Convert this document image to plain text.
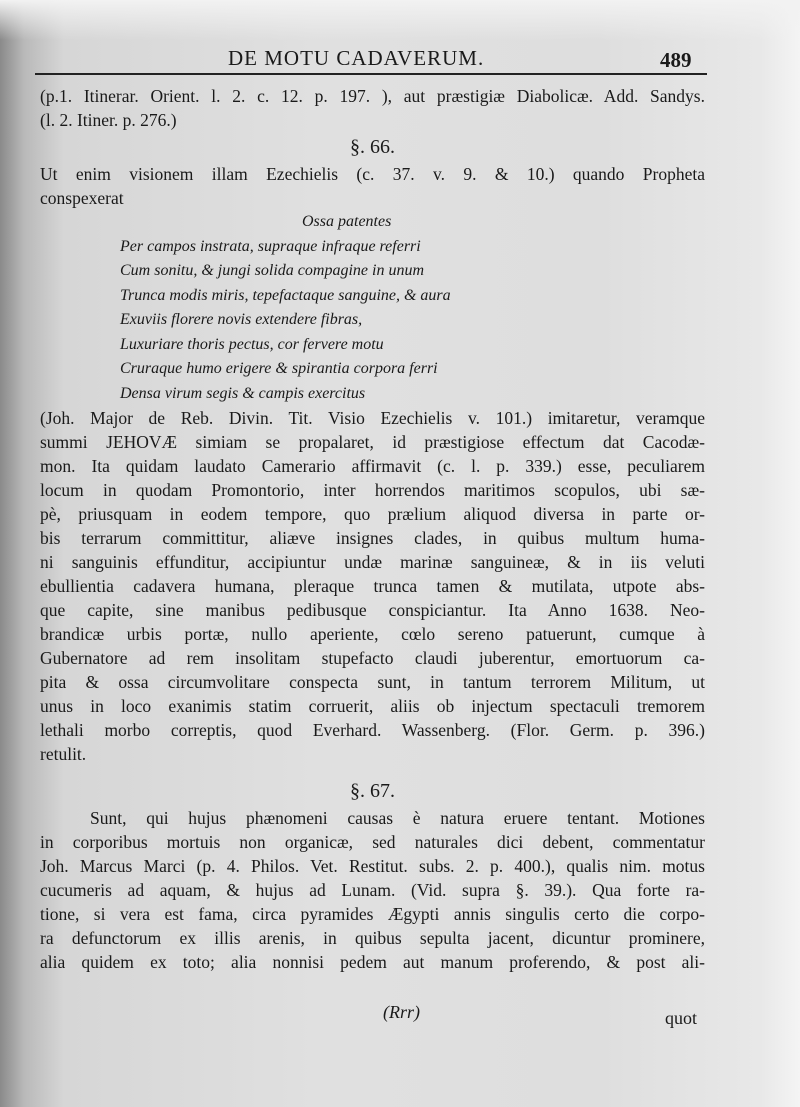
DE MOTU CADAVERUM.	489
(p.1. Itinerar. Orient. l. 2. c. 12. p. 197. ), aut præstigiæ Diabolicæ. Add. Sandys.
(l. 2. Itiner. p. 276.)
§. 66.
Ut enim visionem illam Ezechielis (c. 37. v. 9. & 10.) quando Propheta
conspexerat
Ossa patentes
Per campos instrata, supraque infraque referri
Cum sonitu, & jungi solida compagine in unum
Trunca modis miris, tepefactaque sanguine, & aura
Exuviis florere novis extendere fibras,
Luxuriare thoris pectus, cor fervere motu
Cruraque humo erigere & spirantia corpora ferri
Densa virum segis & campis exercitus
(Joh. Major de Reb. Divin. Tit. Visio Ezechielis v. 101.) imitaretur, veramque
summi JEHOVÆ simiam se propalaret, id præstigiose effectum dat Cacodæ-
mon. Ita quidam laudato Camerario affirmavit (c. l. p. 339.) esse, peculiarem
locum in quodam Promontorio, inter horrendos maritimos scopulos, ubi sæ-
pè, priusquam in eodem tempore, quo prælium aliquod diversa in parte or-
bis terrarum committitur, aliæve insignes clades, in quibus multum huma-
ni sanguinis effunditur, accipiuntur undæ marinæ sanguineæ, & in iis veluti
ebullientia cadavera humana, pleraque trunca tamen & mutilata, utpote abs-
que capite, sine manibus pedibusque conspiciantur. Ita Anno 1638. Neo-
brandicæ urbis portæ, nullo aperiente, cœlo sereno patuerunt, cumque à
Gubernatore ad rem insolitam stupefacto claudi juberentur, emortuorum ca-
pita & ossa circumvolitare conspecta sunt, in tantum terrorem Militum, ut
unus in loco exanimis statim corruerit, aliis ob injectum spectaculi tremorem
lethali morbo correptis, quod Everhard. Wassenberg. (Flor. Germ. p. 396.)
retulit.
§. 67.
Sunt, qui hujus phænomeni causas è natura eruere tentant. Motiones
in corporibus mortuis non organicæ, sed naturales dici debent, commentatur
Joh. Marcus Marci (p. 4. Philos. Vet. Restitut. subs. 2. p. 400.), qualis nim. motus
cucumeris ad aquam, & hujus ad Lunam. (Vid. supra §. 39.). Qua forte ra-
tione, si vera est fama, circa pyramides Ægypti annis singulis certo die corpo-
ra defunctorum ex illis arenis, in quibus sepulta jacent, dicuntur prominere,
alia quidem ex toto; alia nonnisi pedem aut manum proferendo, & post ali-
(Rrr)	quot
